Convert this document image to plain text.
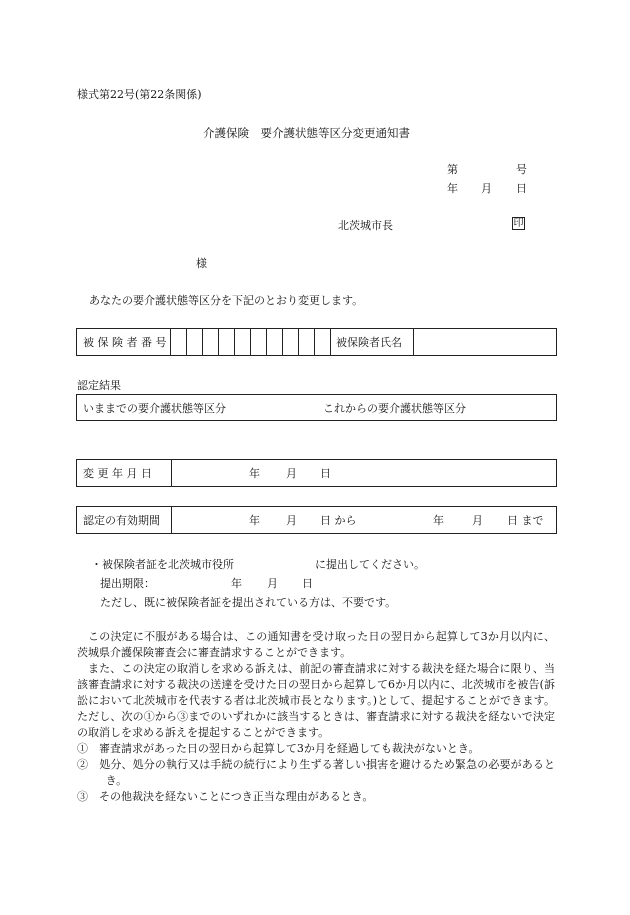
様式第22号(第22条関係)
介護保険　要介護状態等区分変更通知書
第	号
年 月 日
北茨城市長	印
様
あなたの要介護状態等区分を下記のとおり変更します。
被 保 険 者 番 号	被保険者氏名
認定結果
いままでの要介護状態等区分	これからの要介護状態等区分
変 更 年 月 日	年 月 日
認定の有効期間	年 月 日 から	年	月 日 まで
・被保険者証を北茨城市役所	に提出してください。
提出期限：	年 月 日
ただし、既に被保険者証を提出されている方は、不要です。

この決定に不服がある場合は、この通知書を受け取った日の翌日から起算して3か月以内に、茨城県介護保険審査会に審査請求することができます。

また、この決定の取消しを求める訴えは、前記の審査請求に対する裁決を経た場合に限り、当該審査請求に対する裁決の送達を受けた日の翌日から起算して6か月以内に、北茨城市を被告(訴訟において北茨城市を代表する者は北茨城市長となります。)として、提起することができます。ただし、次の①から③までのいずれかに該当するときは、審査請求に対する裁決を経ないで決定の取消しを求める訴えを提起することができます。

①　審査請求があった日の翌日から起算して3か月を経過しても裁決がないとき。

②　処分、処分の執行又は手続の続行により生ずる著しい損害を避けるため緊急の必要があるとき。

③　その他裁決を経ないことにつき正当な理由があるとき。
